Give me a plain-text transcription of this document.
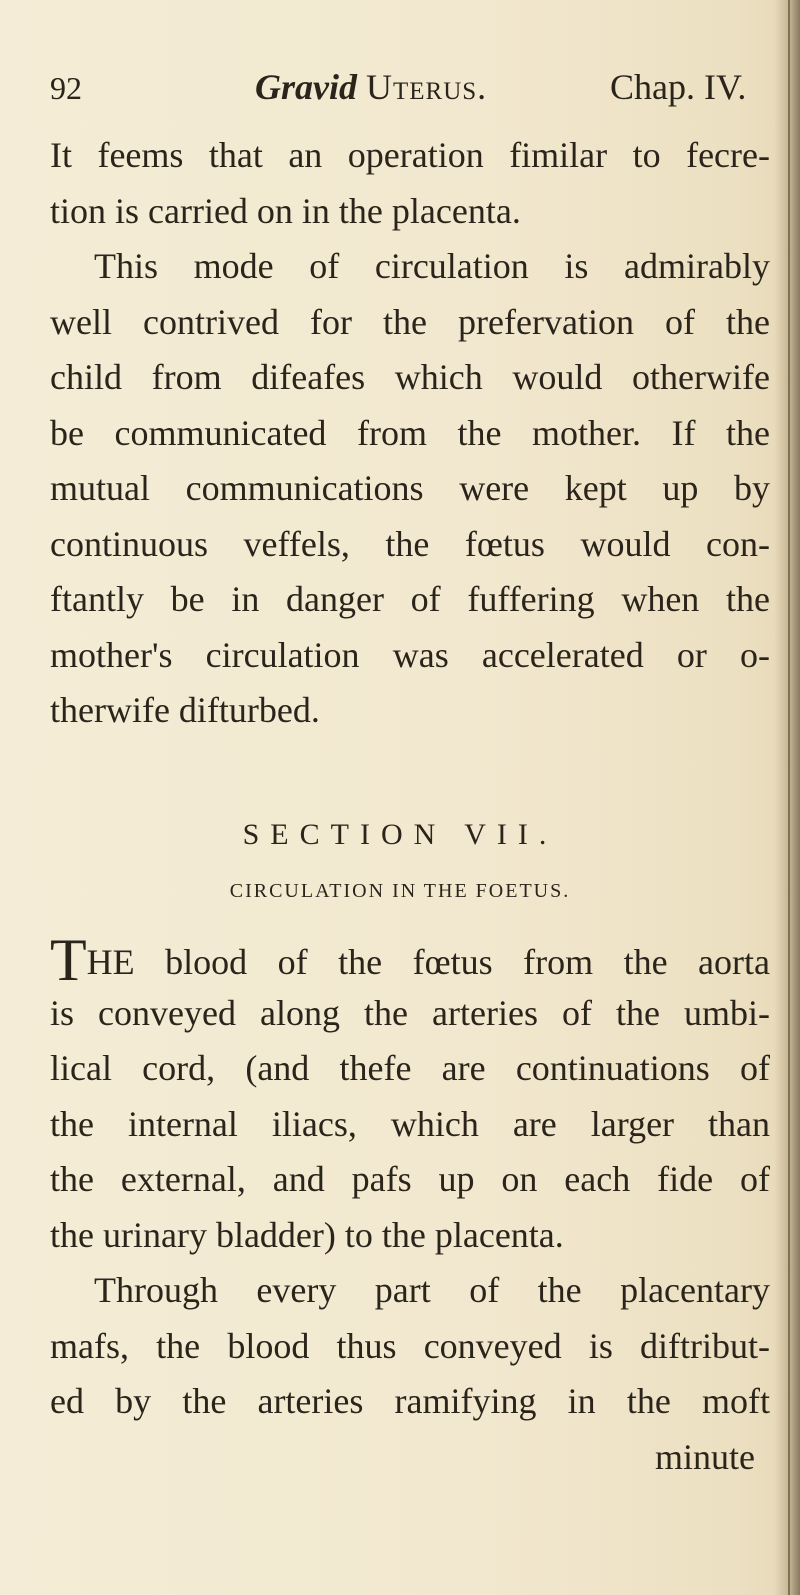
92	Gravid Uterus.	Chap. IV.
It feems that an operation fimilar to fecre-
tion is carried on in the placenta.
This mode of circulation is admirably
well contrived for the prefervation of the
child from difeafes which would otherwife
be communicated from the mother. If the
mutual communications were kept up by
continuous veffels, the fœtus would con-
ftantly be in danger of fuffering when the
mother's circulation was accelerated or o-
therwife difturbed.
SECTION VII.
CIRCULATION IN THE FOETUS.
THE blood of the fœtus from the aorta
is conveyed along the arteries of the umbi-
lical cord, (and thefe are continuations of
the internal iliacs, which are larger than
the external, and pafs up on each fide of
the urinary bladder) to the placenta.
Through every part of the placentary
mafs, the blood thus conveyed is diftribut-
ed by the arteries ramifying in the moft
minute
